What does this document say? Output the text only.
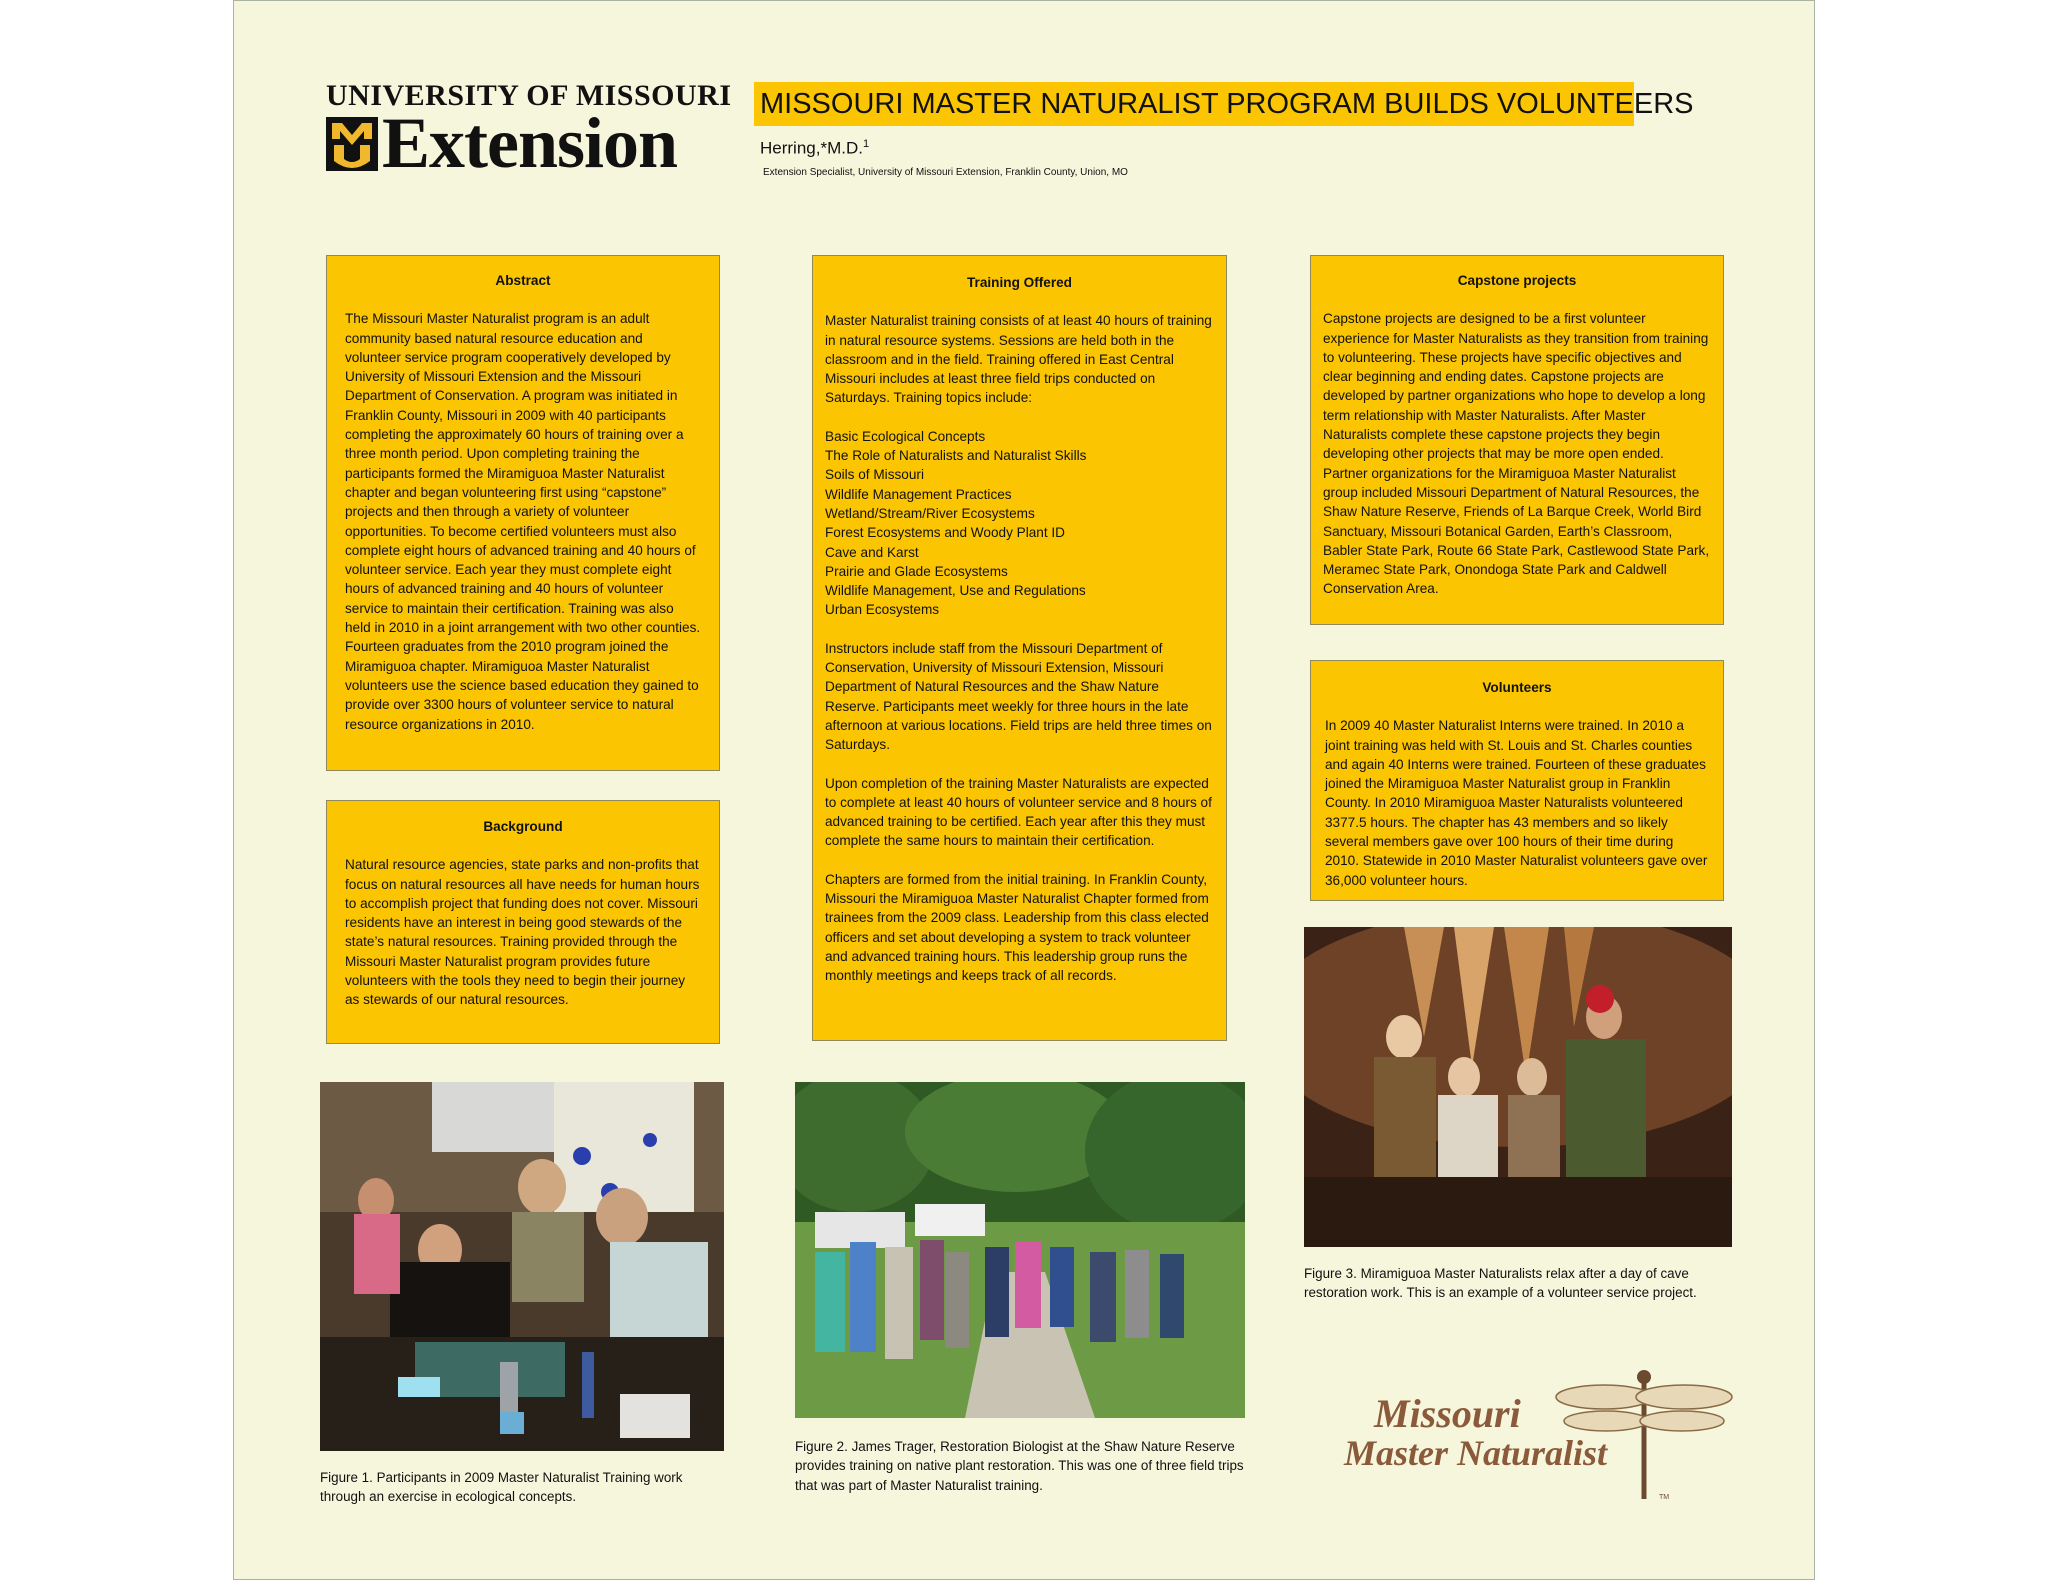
UNIVERSITY OF MISSOURI
Extension	MISSOURI MASTER NATURALIST PROGRAM BUILDS VOLUNTEERS
Herring,*M.D.$^1$
Extension Specialist, University of Missouri Extension, Franklin County, Union, MO
Abstract

The Missouri Master Naturalist program is an adult community based natural resource education and volunteer service program cooperatively developed by University of Missouri Extension and the Missouri Department of Conservation. A program was initiated in Franklin County, Missouri in 2009 with 40 participants completing the approximately 60 hours of training over a three month period. Upon completing training the participants formed the Miramiguoa Master Naturalist chapter and began volunteering first using “capstone” projects and then through a variety of volunteer opportunities. To become certified volunteers must also complete eight hours of advanced training and 40 hours of volunteer service. Each year they must complete eight hours of advanced training and 40 hours of volunteer service to maintain their certification. Training was also held in 2010 in a joint arrangement with two other counties. Fourteen graduates from the 2010 program joined the Miramiguoa chapter. Miramiguoa Master Naturalist volunteers use the science based education they gained to provide over 3300 hours of volunteer service to natural resource organizations in 2010.

Background

Natural resource agencies, state parks and non-profits that focus on natural resources all have needs for human hours to accomplish project that funding does not cover. Missouri residents have an interest in being good stewards of the state’s natural resources. Training provided through the Missouri Master Naturalist program provides future volunteers with the tools they need to begin their journey as stewards of our natural resources.

Training Offered

Master Naturalist training consists of at least 40 hours of training in natural resource systems. Sessions are held both in the classroom and in the field. Training offered in East Central Missouri includes at least three field trips conducted on Saturdays. Training topics include:

Basic Ecological Concepts
The Role of Naturalists and Naturalist Skills
Soils of Missouri
Wildlife Management Practices
Wetland/Stream/River Ecosystems
Forest Ecosystems and Woody Plant ID
Cave and Karst
Prairie and Glade Ecosystems
Wildlife Management, Use and Regulations
Urban Ecosystems

Instructors include staff from the Missouri Department of Conservation, University of Missouri Extension, Missouri Department of Natural Resources and the Shaw Nature Reserve. Participants meet weekly for three hours in the late afternoon at various locations. Field trips are held three times on Saturdays.

Upon completion of the training Master Naturalists are expected to complete at least 40 hours of volunteer service and 8 hours of advanced training to be certified. Each year after this they must complete the same hours to maintain their certification.

Chapters are formed from the initial training. In Franklin County, Missouri the Miramiguoa Master Naturalist Chapter formed from trainees from the 2009 class. Leadership from this class elected officers and set about developing a system to track volunteer and advanced training hours. This leadership group runs the monthly meetings and keeps track of all records.

Capstone projects

Capstone projects are designed to be a first volunteer experience for Master Naturalists as they transition from training to volunteering. These projects have specific objectives and clear beginning and ending dates. Capstone projects are developed by partner organizations who hope to develop a long term relationship with Master Naturalists. After Master Naturalists complete these capstone projects they begin developing other projects that may be more open ended. Partner organizations for the Miramiguoa Master Naturalist group included Missouri Department of Natural Resources, the Shaw Nature Reserve, Friends of La Barque Creek, World Bird Sanctuary, Missouri Botanical Garden, Earth’s Classroom, Babler State Park, Route 66 State Park, Castlewood State Park, Meramec State Park, Onondoga State Park and Caldwell Conservation Area.

Volunteers

In 2009 40 Master Naturalist Interns were trained. In 2010 a joint training was held with St. Louis and St. Charles counties and again 40 Interns were trained. Fourteen of these graduates joined the Miramiguoa Master Naturalist group in Franklin County. In 2010 Miramiguoa Master Naturalists volunteered 3377.5 hours. The chapter has 43 members and so likely several members gave over 100 hours of their time during 2010. Statewide in 2010 Master Naturalist volunteers gave over 36,000 volunteer hours.

Figure 1. Participants in 2009 Master Naturalist Training work through an exercise in ecological concepts.
Figure 2. James Trager, Restoration Biologist at the Shaw Nature Reserve provides training on native plant restoration. This was one of three field trips that was part of Master Naturalist training.
Figure 3. Miramiguoa Master Naturalists relax after a day of cave restoration work. This is an example of a volunteer service project.
TM
Missouri
Master Naturalist
